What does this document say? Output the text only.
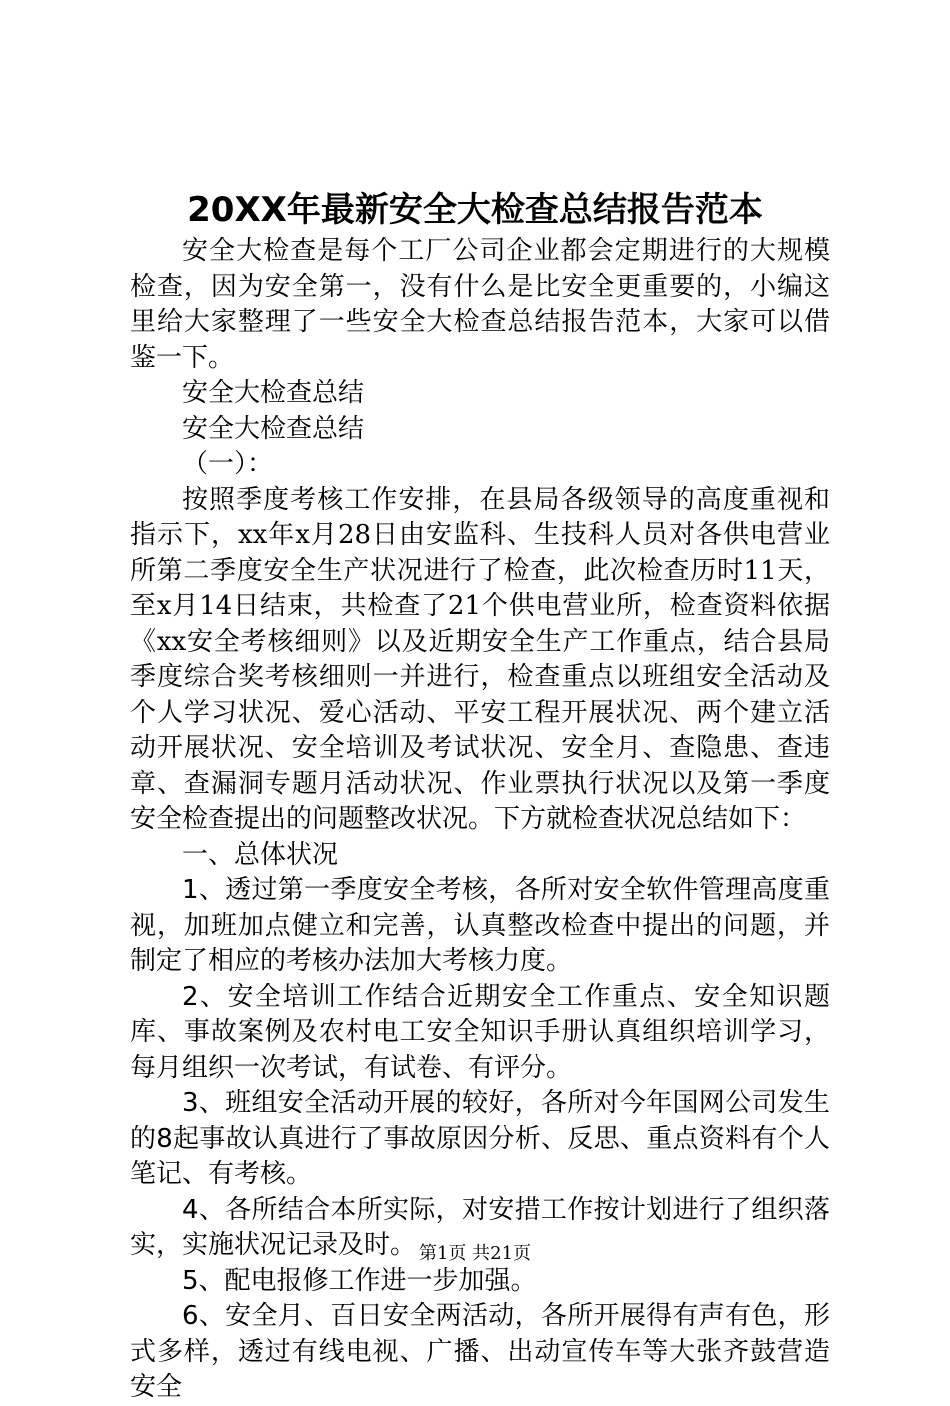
20XX年最新安全大检查总结报告范本

安全大检查是每个工厂公司企业都会定期进行的大规模检查，因为安全第一，没有什么是比安全更重要的，小编这里给大家整理了一些安全大检查总结报告范本，大家可以借鉴一下。

安全大检查总结

安全大检查总结

（一）：

按照季度考核工作安排，在县局各级领导的高度重视和指示下，xx年x月28日由安监科、生技科人员对各供电营业所第二季度安全生产状况进行了检查，此次检查历时11天，至x月14日结束，共检查了21个供电营业所，检查资料依据《xx安全考核细则》以及近期安全生产工作重点，结合县局季度综合奖考核细则一并进行，检查重点以班组安全活动及个人学习状况、爱心活动、平安工程开展状况、两个建立活动开展状况、安全培训及考试状况、安全月、查隐患、查违章、查漏洞专题月活动状况、作业票执行状况以及第一季度安全检查提出的问题整改状况。下方就检查状况总结如下：

一、总体状况

1、透过第一季度安全考核，各所对安全软件管理高度重视，加班加点健立和完善，认真整改检查中提出的问题，并制定了相应的考核办法加大考核力度。

2、安全培训工作结合近期安全工作重点、安全知识题库、事故案例及农村电工安全知识手册认真组织培训学习，每月组织一次考试，有试卷、有评分。

3、班组安全活动开展的较好，各所对今年国网公司发生的8起事故认真进行了事故原因分析、反思、重点资料有个人笔记、有考核。

4、各所结合本所实际，对安措工作按计划进行了组织落实，实施状况记录及时。

5、配电报修工作进一步加强。

6、安全月、百日安全两活动，各所开展得有声有色，形式多样，透过有线电视、广播、出动宣传车等大张齐鼓营造安全

第1页 共21页
